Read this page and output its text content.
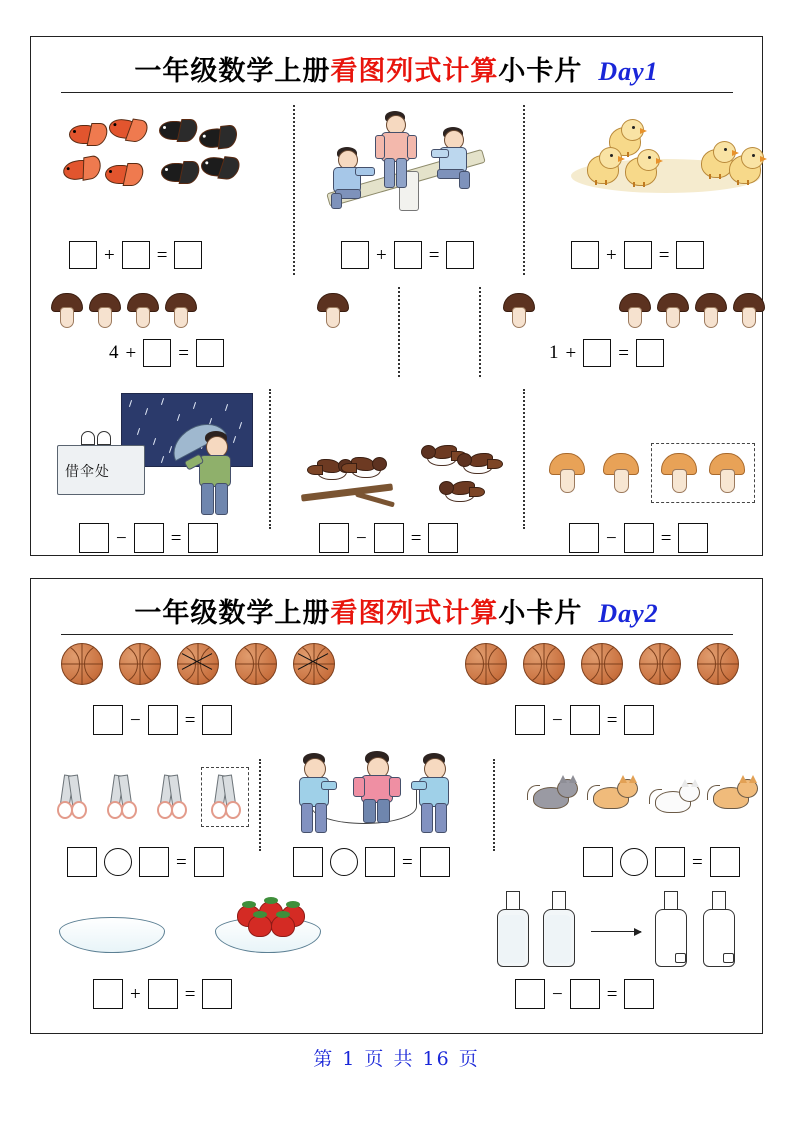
一年级数学上册看图列式计算小卡片 Day1
+ =	+ =	+ =
4 + =	1 + =
借伞处
− =	− =	− =
一年级数学上册看图列式计算小卡片 Day2
− =	− =
=	=	=
+ =	− =
第 1 页 共 16 页
